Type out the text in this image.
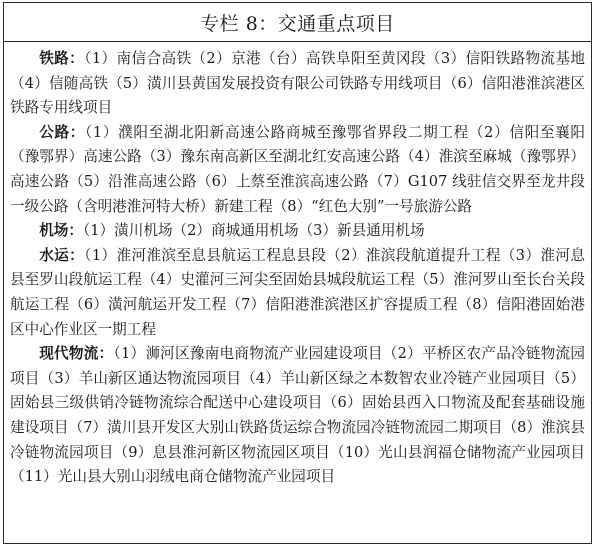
专栏 8：交通重点项目

铁路：（1）南信合高铁（2）京港（台）高铁阜阳至黄冈段（3）信阳铁路物流基地（4）信随高铁（5）潢川县黄国发展投资有限公司铁路专用线项目（6）信阳港淮滨港区铁路专用线项目

公路：（1）濮阳至湖北阳新高速公路商城至豫鄂省界段二期工程（2）信阳至襄阳（豫鄂界）高速公路（3）豫东南高新区至湖北红安高速公路（4）淮滨至麻城（豫鄂界）高速公路（5）沿淮高速公路（6）上蔡至淮滨高速公路（7）G107 线驻信交界至龙井段一级公路（含明港淮河特大桥）新建工程（8）“红色大别”一号旅游公路

机场：（1）潢川机场（2）商城通用机场（3）新县通用机场

水运：（1）淮河淮滨至息县航运工程息县段（2）淮滨段航道提升工程（3）淮河息县至罗山段航运工程（4）史灌河三河尖至固始县城段航运工程（5）淮河罗山至长台关段航运工程（6）潢河航运开发工程（7）信阳港淮滨港区扩容提质工程（8）信阳港固始港区中心作业区一期工程

现代物流：（1）浉河区豫南电商物流产业园建设项目（2）平桥区农产品冷链物流园项目（3）羊山新区通达物流园项目（4）羊山新区绿之本数智农业冷链产业园项目（5）固始县三级供销冷链物流综合配送中心建设项目（6）固始县西入口物流及配套基础设施建设项目（7）潢川县开发区大别山铁路货运综合物流园冷链物流园二期项目（8）淮滨县冷链物流园项目（9）息县淮河新区物流园区项目（10）光山县润福仓储物流产业园项目（11）光山县大别山羽绒电商仓储物流产业园项目
